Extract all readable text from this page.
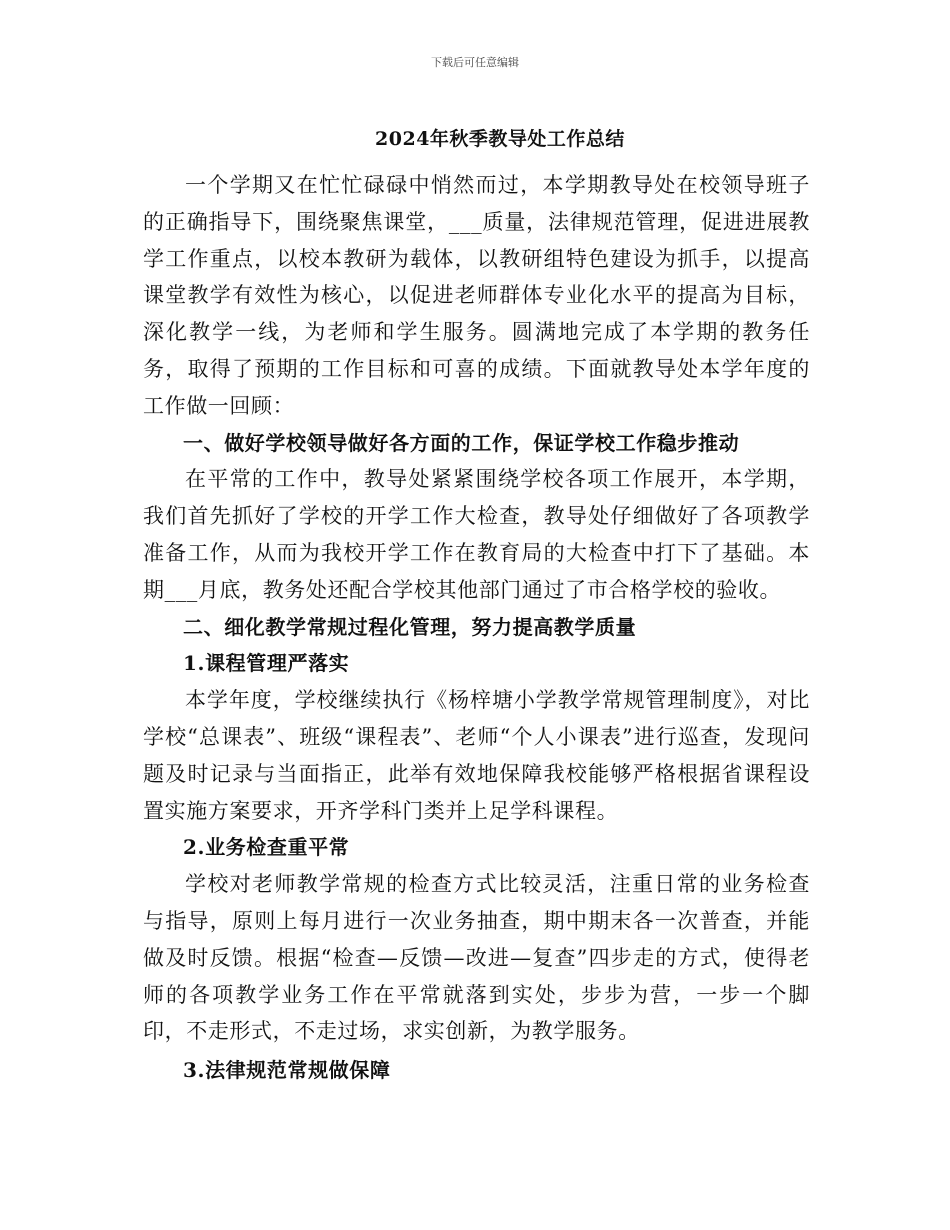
下载后可任意编辑
2024年秋季教导处工作总结

一个学期又在忙忙碌碌中悄然而过，本学期教导处在校领导班子的正确指导下，围绕聚焦课堂，___质量，法律规范管理，促进进展教学工作重点，以校本教研为载体，以教研组特色建设为抓手，以提高课堂教学有效性为核心，以促进老师群体专业化水平的提高为目标，深化教学一线，为老师和学生服务。圆满地完成了本学期的教务任务，取得了预期的工作目标和可喜的成绩。下面就教导处本学年度的工作做一回顾：

一、做好学校领导做好各方面的工作，保证学校工作稳步推动

在平常的工作中，教导处紧紧围绕学校各项工作展开，本学期，我们首先抓好了学校的开学工作大检查，教导处仔细做好了各项教学准备工作，从而为我校开学工作在教育局的大检查中打下了基础。本期___月底，教务处还配合学校其他部门通过了市合格学校的验收。

二、细化教学常规过程化管理，努力提高教学质量

1.课程管理严落实

本学年度，学校继续执行《杨梓塘小学教学常规管理制度》，对比学校“总课表”、班级“课程表”、老师“个人小课表”进行巡查，发现问题及时记录与当面指正，此举有效地保障我校能够严格根据省课程设置实施方案要求，开齐学科门类并上足学科课程。

2.业务检查重平常

学校对老师教学常规的检查方式比较灵活，注重日常的业务检查与指导，原则上每月进行一次业务抽查，期中期末各一次普查，并能做及时反馈。根据“检查—反馈—改进—复查”四步走的方式，使得老师的各项教学业务工作在平常就落到实处，步步为营，一步一个脚印，不走形式，不走过场，求实创新，为教学服务。

3.法律规范常规做保障
